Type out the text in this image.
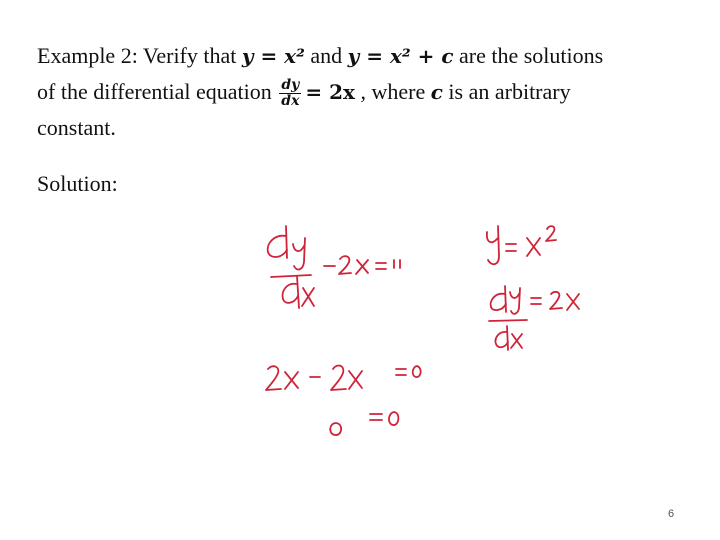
Example 2: Verify that y = x² and y = x² + c are the solutions
of the differential equation $\frac{dy}{dx} = 2x$ , where c is an arbitrary
constant.
Solution:
6
